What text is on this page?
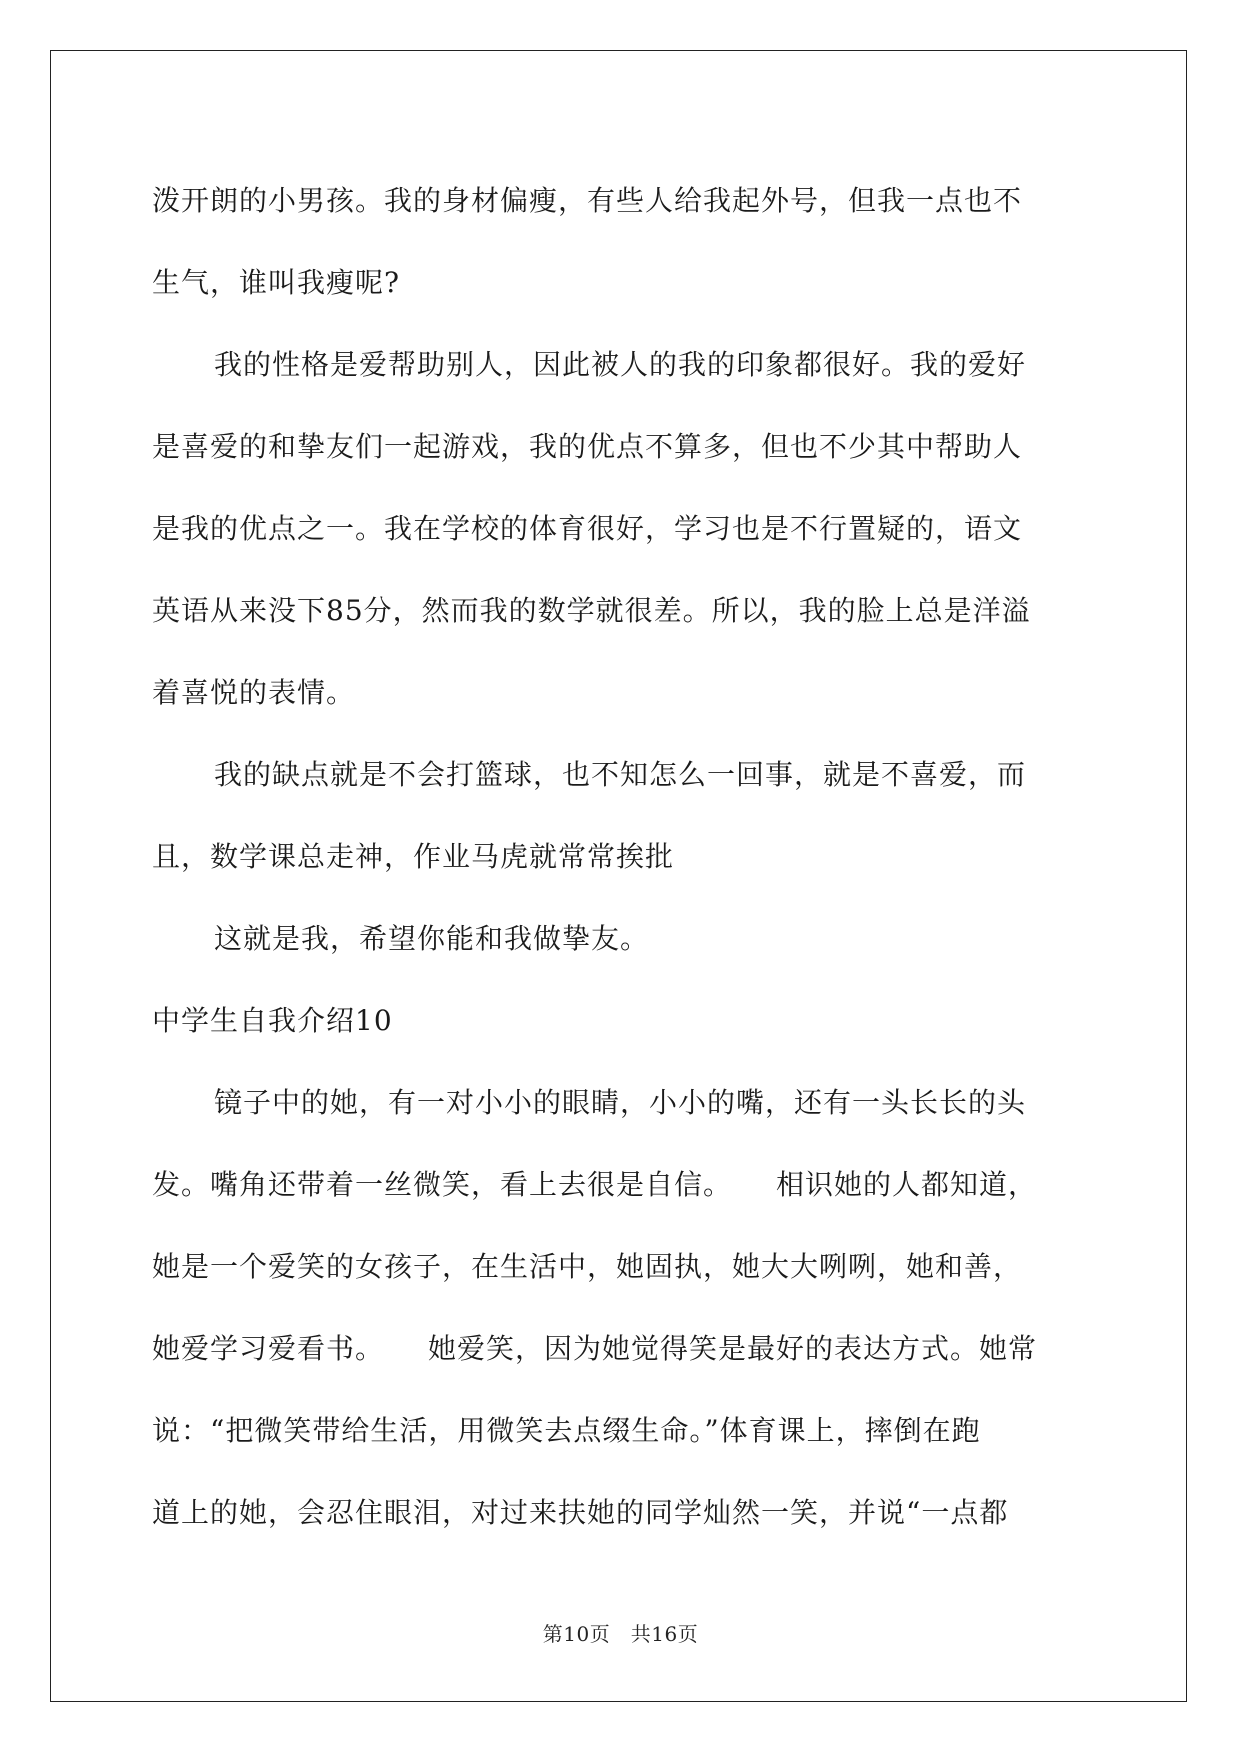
泼开朗的小男孩。我的身材偏瘦，有些人给我起外号，但我一点也不
生气，谁叫我瘦呢?
我的性格是爱帮助别人，因此被人的我的印象都很好。我的爱好
是喜爱的和挚友们一起游戏，我的优点不算多，但也不少其中帮助人
是我的优点之一。我在学校的体育很好，学习也是不行置疑的，语文
英语从来没下85分，然而我的数学就很差。所以，我的脸上总是洋溢
着喜悦的表情。
我的缺点就是不会打篮球，也不知怎么一回事，就是不喜爱，而
且，数学课总走神，作业马虎就常常挨批
这就是我，希望你能和我做挚友。
中学生自我介绍10
镜子中的她，有一对小小的眼睛，小小的嘴，还有一头长长的头
发。嘴角还带着一丝微笑，看上去很是自信。　　相识她的人都知道，
她是一个爱笑的女孩子，在生活中，她固执，她大大咧咧，她和善，
她爱学习爱看书。　　她爱笑，因为她觉得笑是最好的表达方式。她常
说：“把微笑带给生活，用微笑去点缀生命。”体育课上，摔倒在跑
道上的她，会忍住眼泪，对过来扶她的同学灿然一笑，并说“一点都
第10页　共16页
